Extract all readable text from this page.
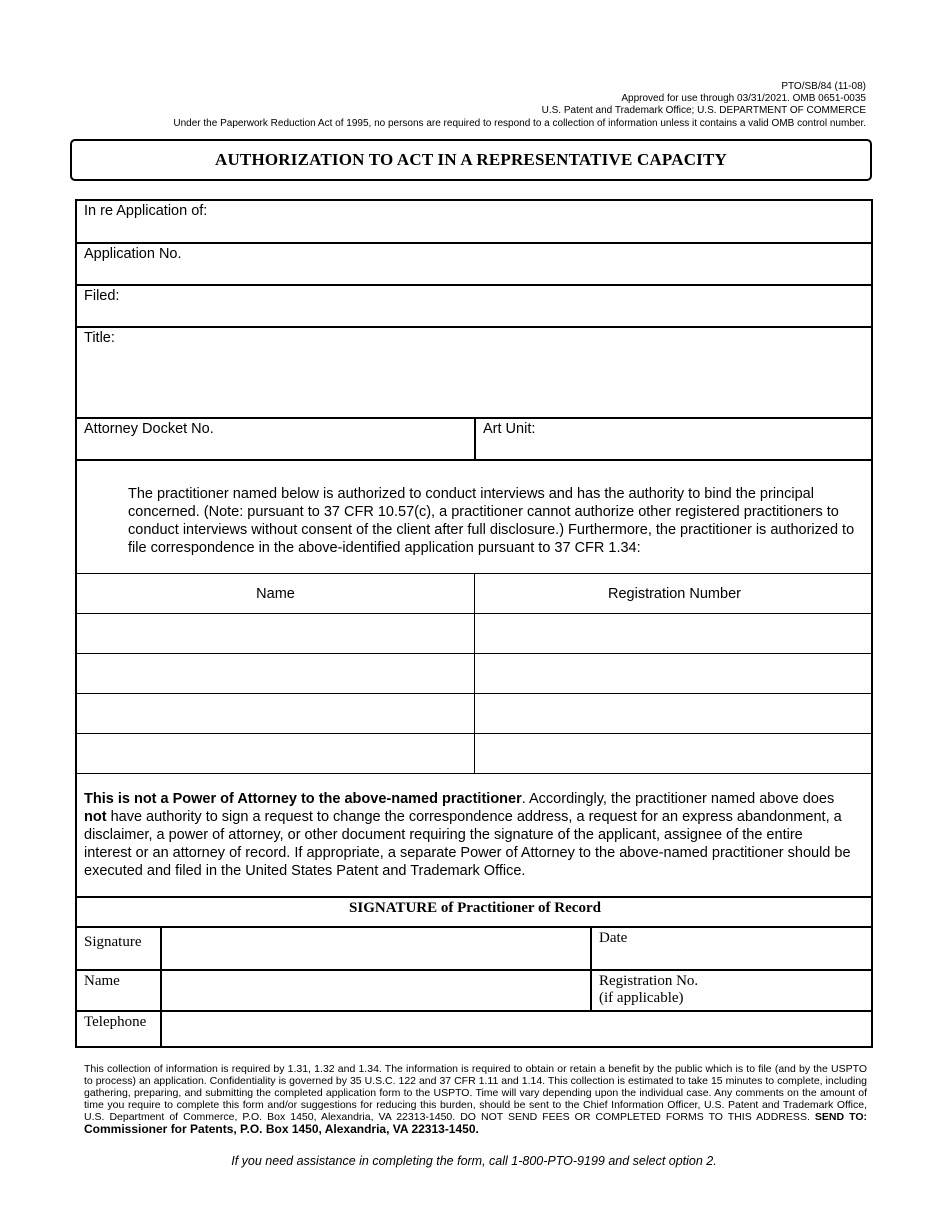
PTO/SB/84 (11-08)
Approved for use through 03/31/2021. OMB 0651-0035
U.S. Patent and Trademark Office; U.S. DEPARTMENT OF COMMERCE
Under the Paperwork Reduction Act of 1995, no persons are required to respond to a collection of information unless it contains a valid OMB control number.
AUTHORIZATION TO ACT IN A REPRESENTATIVE CAPACITY
In re Application of:
Application No.
Filed:
Title:
Attorney Docket No.	Art Unit:
The practitioner named below is authorized to conduct interviews and has the authority to bind the principal concerned. (Note: pursuant to 37 CFR 10.57(c), a practitioner cannot authorize other registered practitioners to conduct interviews without consent of the client after full disclosure.) Furthermore, the practitioner is authorized to file correspondence in the above-identified application pursuant to 37 CFR 1.34:
Name	Registration Number
This is not a Power of Attorney to the above-named practitioner. Accordingly, the practitioner named above does not have authority to sign a request to change the correspondence address, a request for an express abandonment, a disclaimer, a power of attorney, or other document requiring the signature of the applicant, assignee of the entire interest or an attorney of record. If appropriate, a separate Power of Attorney to the above-named practitioner should be executed and filed in the United States Patent and Trademark Office.
SIGNATURE of Practitioner of Record
Signature	Date
Name	Registration No.
(if applicable)
Telephone
This collection of information is required by 1.31, 1.32 and 1.34. The information is required to obtain or retain a benefit by the public which is to file (and by the USPTO to process) an application. Confidentiality is governed by 35 U.S.C. 122 and 37 CFR 1.11 and 1.14. This collection is estimated to take 15 minutes to complete, including gathering, preparing, and submitting the completed application form to the USPTO. Time will vary depending upon the individual case. Any comments on the amount of time you require to complete this form and/or suggestions for reducing this burden, should be sent to the Chief Information Officer, U.S. Patent and Trademark Office, U.S. Department of Commerce, P.O. Box 1450, Alexandria, VA 22313-1450. DO NOT SEND FEES OR COMPLETED FORMS TO THIS ADDRESS. SEND TO: Commissioner for Patents, P.O. Box 1450, Alexandria, VA 22313-1450.
If you need assistance in completing the form, call 1-800-PTO-9199 and select option 2.
